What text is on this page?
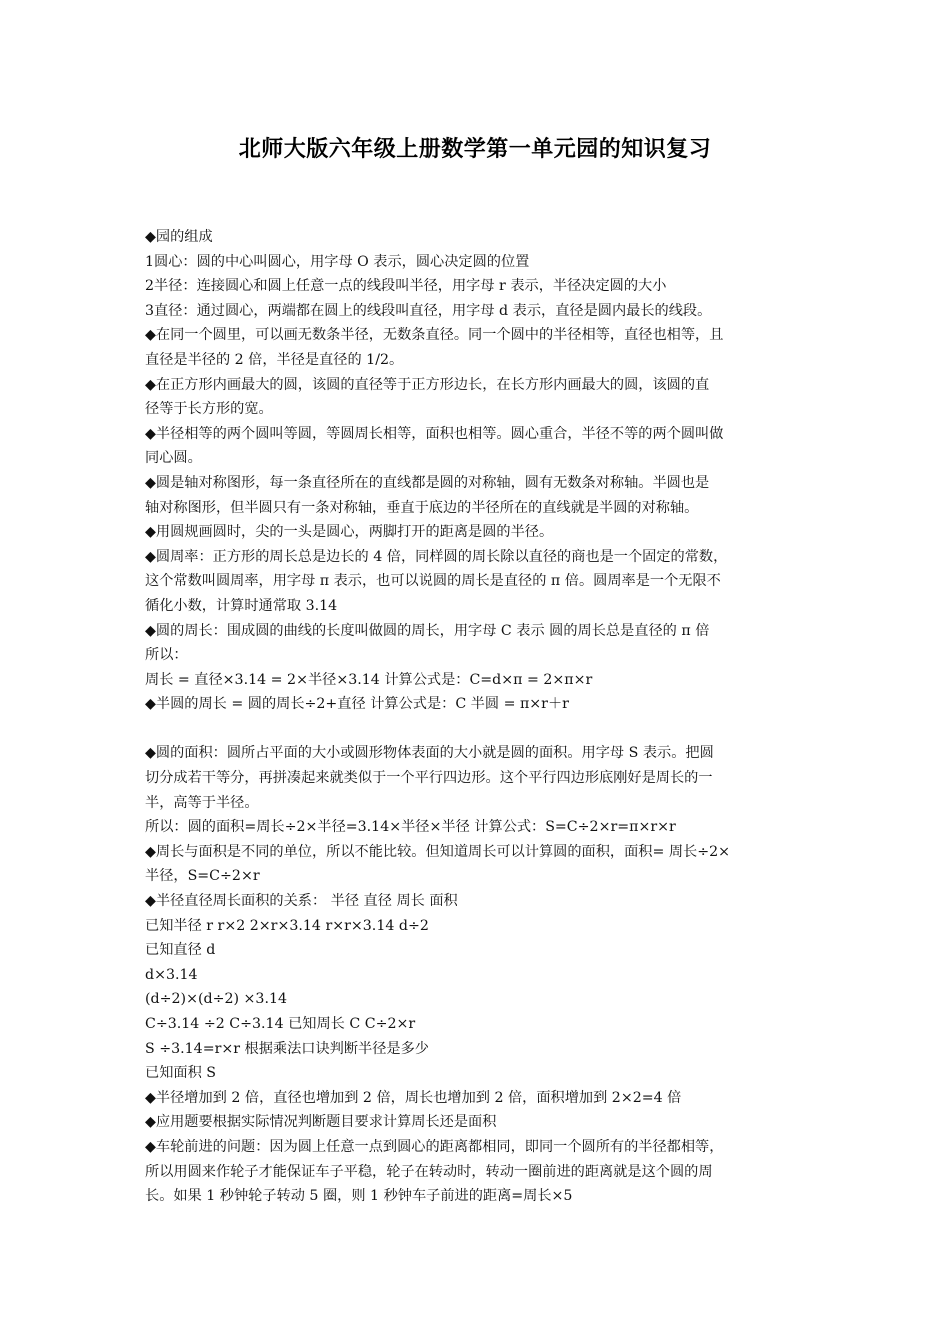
北师大版六年级上册数学第一单元园的知识复习
◆园的组成
1圆心：圆的中心叫圆心，用字母 O 表示，圆心决定圆的位置
2半径：连接圆心和圆上任意一点的线段叫半径，用字母 r 表示，半径决定圆的大小
3直径：通过圆心，两端都在圆上的线段叫直径，用字母 d 表示，直径是圆内最长的线段。
◆在同一个圆里，可以画无数条半径，无数条直径。同一个圆中的半径相等，直径也相等，且
直径是半径的 2 倍，半径是直径的 1/2。
◆在正方形内画最大的圆，该圆的直径等于正方形边长，在长方形内画最大的圆，该圆的直
径等于长方形的宽。
◆半径相等的两个圆叫等圆，等圆周长相等，面积也相等。圆心重合，半径不等的两个圆叫做
同心圆。
◆圆是轴对称图形，每一条直径所在的直线都是圆的对称轴，圆有无数条对称轴。半圆也是
轴对称图形，但半圆只有一条对称轴，垂直于底边的半径所在的直线就是半圆的对称轴。
◆用圆规画圆时，尖的一头是圆心，两脚打开的距离是圆的半径。
◆圆周率：正方形的周长总是边长的 4 倍，同样圆的周长除以直径的商也是一个固定的常数，
这个常数叫圆周率，用字母 π 表示，也可以说圆的周长是直径的 π 倍。圆周率是一个无限不
循化小数，计算时通常取 3.14
◆圆的周长：围成圆的曲线的长度叫做圆的周长，用字母 C 表示 圆的周长总是直径的 π 倍
所以：
周长 = 直径×3.14 = 2×半径×3.14 计算公式是：C=d×π = 2×π×r
◆半圆的周长 = 圆的周长÷2+直径 计算公式是：C 半圆 = π×r＋r
◆圆的面积：圆所占平面的大小或圆形物体表面的大小就是圆的面积。用字母 S 表示。把圆
切分成若干等分，再拼凑起来就类似于一个平行四边形。这个平行四边形底刚好是周长的一
半，高等于半径。
所以：圆的面积=周长÷2×半径=3.14×半径×半径 计算公式：S=C÷2×r=π×r×r
◆周长与面积是不同的单位，所以不能比较。但知道周长可以计算圆的面积，面积= 周长÷2×
半径，S=C÷2×r
◆半径直径周长面积的关系： 半径 直径 周长 面积
已知半径 r r×2 2×r×3.14 r×r×3.14 d÷2
已知直径 d
d×3.14
(d÷2)×(d÷2) ×3.14
C÷3.14 ÷2 C÷3.14 已知周长 C C÷2×r
S ÷3.14=r×r 根据乘法口诀判断半径是多少
已知面积 S
◆半径增加到 2 倍，直径也增加到 2 倍，周长也增加到 2 倍，面积增加到 2×2=4 倍
◆应用题要根据实际情况判断题目要求计算周长还是面积
◆车轮前进的问题：因为圆上任意一点到圆心的距离都相同，即同一个圆所有的半径都相等，
所以用圆来作轮子才能保证车子平稳，轮子在转动时，转动一圈前进的距离就是这个圆的周
长。如果 1 秒钟轮子转动 5 圈，则 1 秒钟车子前进的距离=周长×5
